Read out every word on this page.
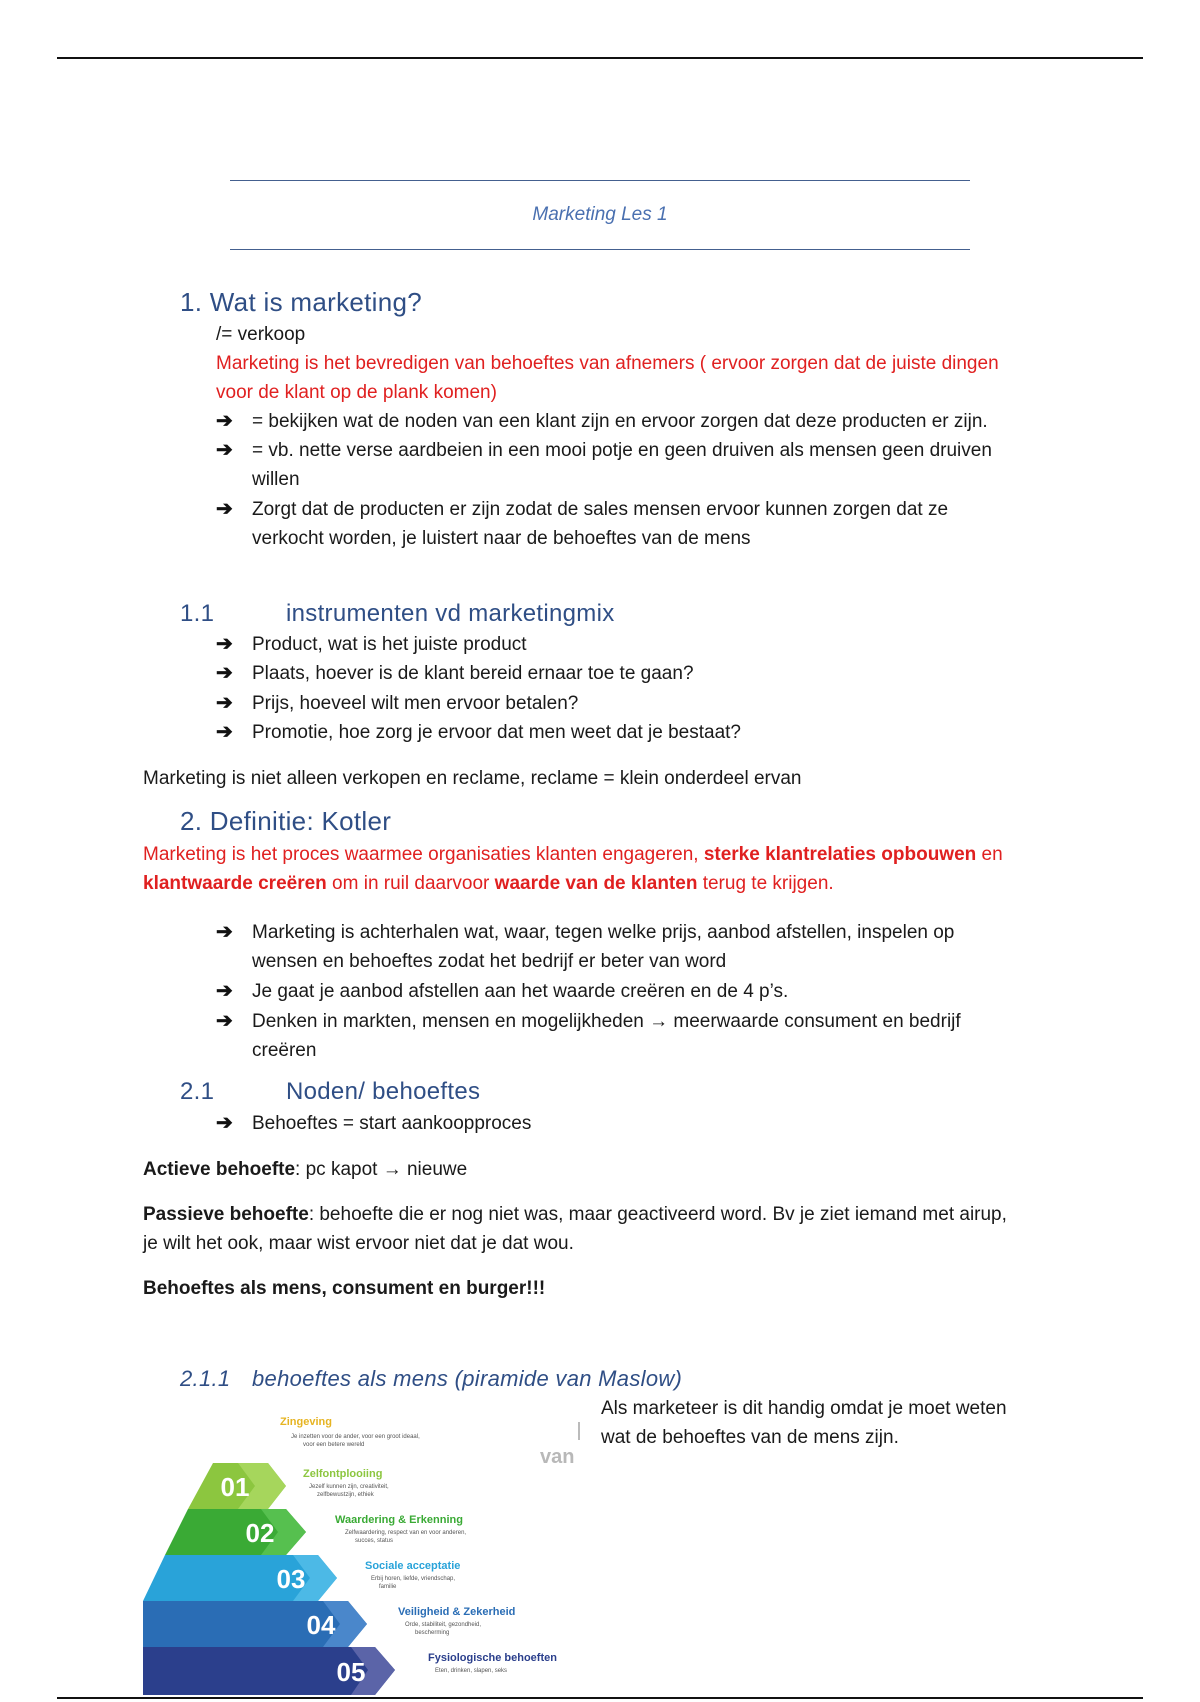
Marketing Les 1
1. Wat is marketing?
/= verkoop
Marketing is het bevredigen van behoeftes van afnemers ( ervoor zorgen dat de juiste dingen
voor de klant op de plank komen)
➔ = bekijken wat de noden van een klant zijn en ervoor zorgen dat deze producten er zijn.
➔ = vb. nette verse aardbeien in een mooi potje en geen druiven als mensen geen druiven
willen
➔ Zorgt dat de producten er zijn zodat de sales mensen ervoor kunnen zorgen dat ze
verkocht worden, je luistert naar de behoeftes van de mens
1.1	instrumenten vd marketingmix
➔ Product, wat is het juiste product
➔ Plaats, hoever is de klant bereid ernaar toe te gaan?
➔ Prijs, hoeveel wilt men ervoor betalen?
➔ Promotie, hoe zorg je ervoor dat men weet dat je bestaat?
Marketing is niet alleen verkopen en reclame, reclame = klein onderdeel ervan
2. Definitie: Kotler
Marketing is het proces waarmee organisaties klanten engageren, sterke klantrelaties opbouwen en
klantwaarde creëren om in ruil daarvoor waarde van de klanten terug te krijgen.
➔ Marketing is achterhalen wat, waar, tegen welke prijs, aanbod afstellen, inspelen op
wensen en behoeftes zodat het bedrijf er beter van word
➔ Je gaat je aanbod afstellen aan het waarde creëren en de 4 p’s.
➔ Denken in markten, mensen en mogelijkheden → meerwaarde consument en bedrijf
creëren
2.1	Noden/ behoeftes
➔ Behoeftes = start aankoopproces
Actieve behoefte: pc kapot → nieuwe
Passieve behoefte: behoefte die er nog niet was, maar geactiveerd word. Bv je ziet iemand met airup,
je wilt het ook, maar wist ervoor niet dat je dat wou.
Behoeftes als mens, consument en burger!!!
2.1.1 behoeftes als mens (piramide van Maslow)
Als marketeer is dit handig omdat je moet weten
wat de behoeftes van de mens zijn.
van
01
02
03
04
05
Zingeving
Je inzetten voor de ander, voor een groot ideaal,
voor een betere wereld
Zelfontplooiing
Jezelf kunnen zijn, creativiteit,
zelfbewustzijn, ethiek
Waardering & Erkenning
Zelfwaardering, respect van en voor anderen,
succes, status
Sociale acceptatie
Erbij horen, liefde, vriendschap,
familie
Veiligheid & Zekerheid
Orde, stabiliteit, gezondheid,
bescherming
Fysiologische behoeften
Eten, drinken, slapen, seks
